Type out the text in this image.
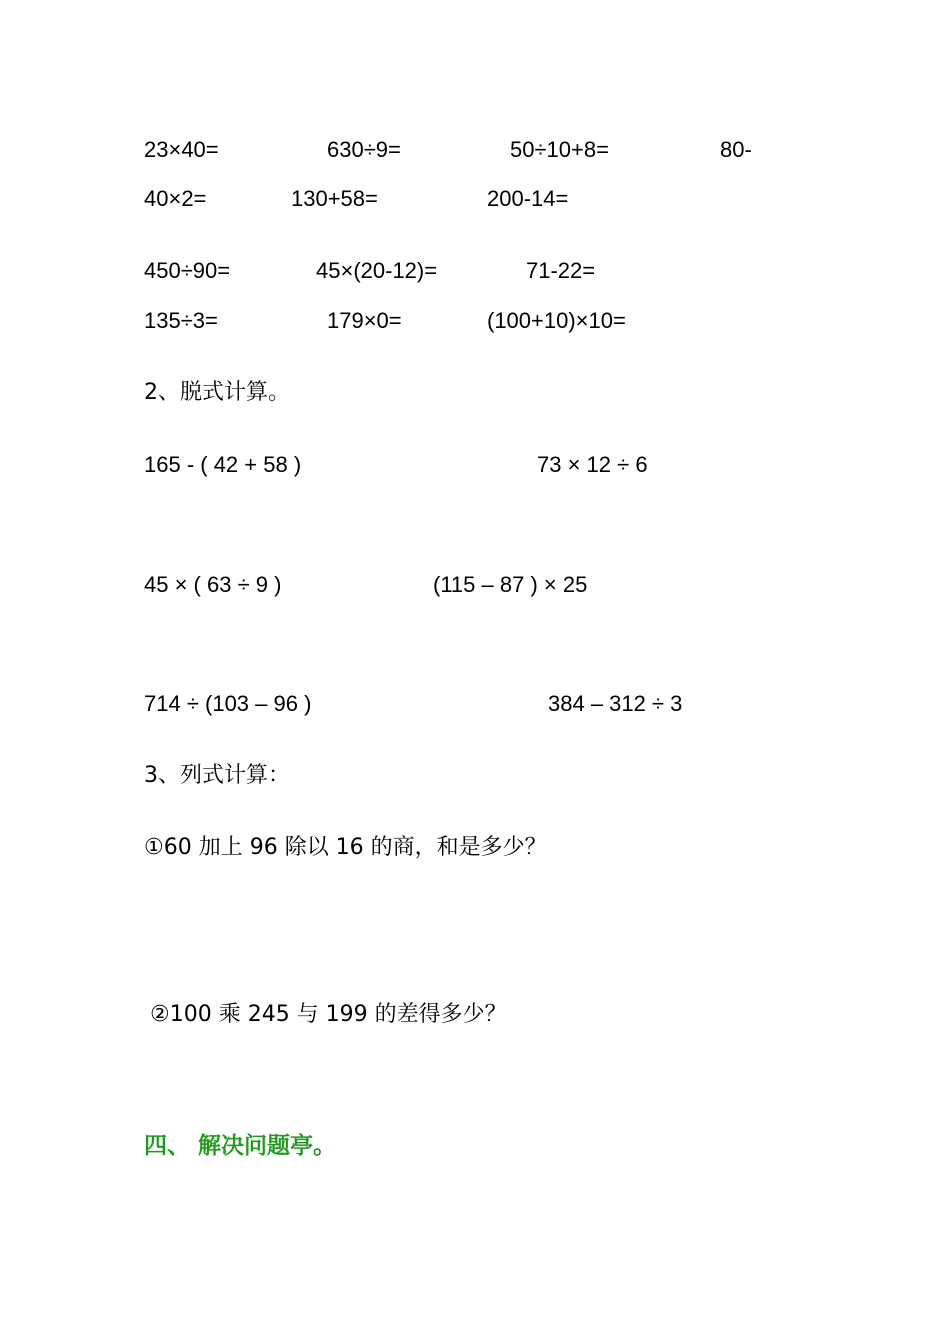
23×40=	630÷9=	50÷10+8=	80-
40×2=	130+58=	200-14=
450÷90=	45×(20-12)=	71-22=
135÷3=	179×0=	(100+10)×10=
2、脱式计算。
165 - ( 42 + 58 )	73 × 12 ÷ 6
45 × ( 63 ÷ 9 )	(115 – 87 ) × 25
714 ÷ (103 – 96 )	384 – 312 ÷ 3
3、列式计算：
①60 加上 96 除以 16 的商，和是多少？
②100 乘 245 与 199 的差得多少？
四、 解决问题亭。
